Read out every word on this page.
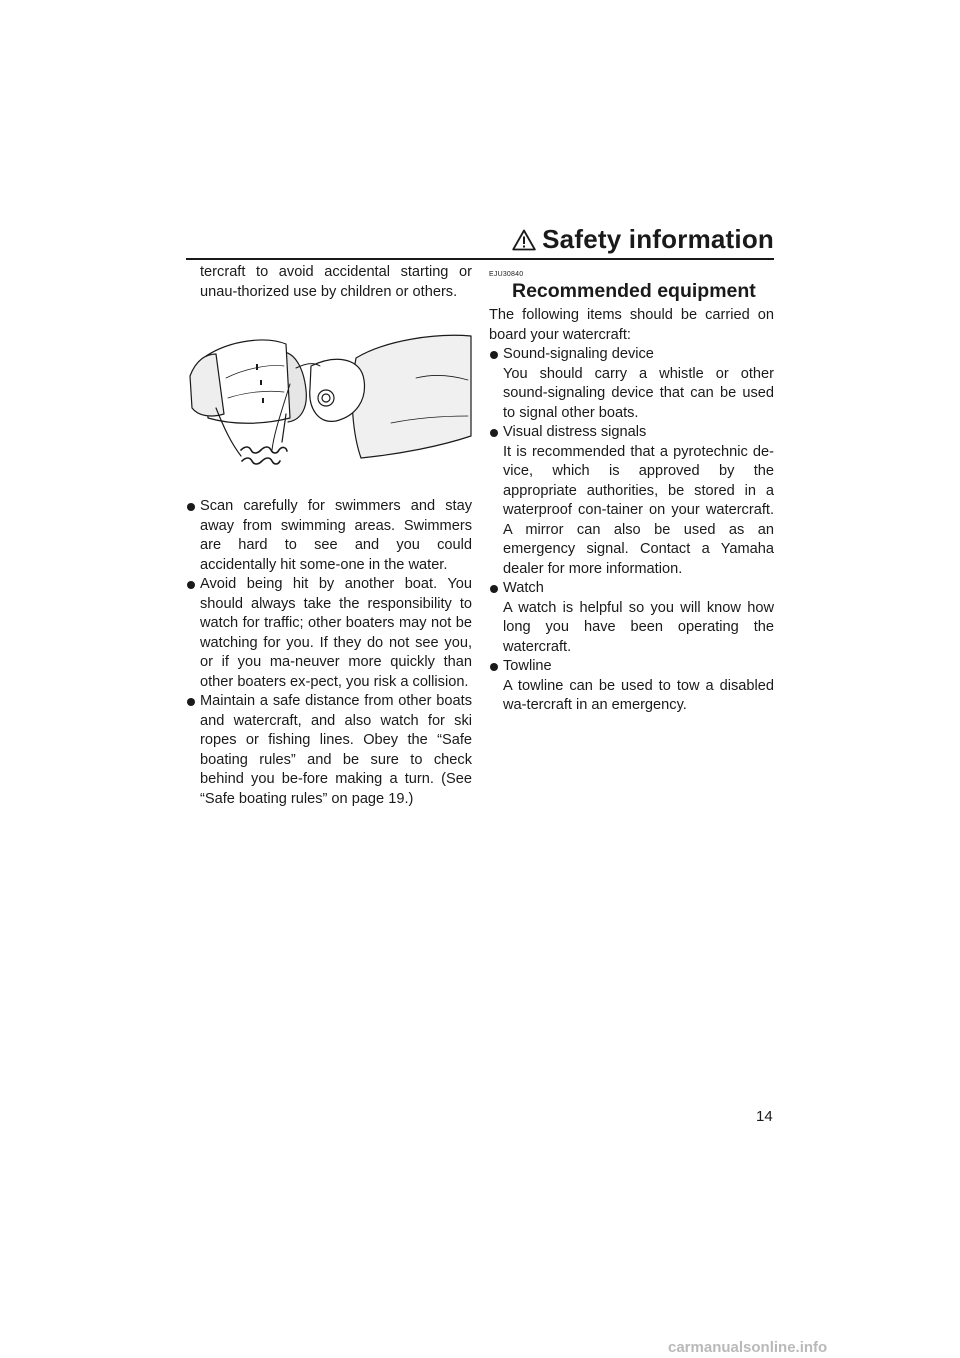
Safety information
tercraft to avoid accidental starting or unau-thorized use by children or others.
Scan carefully for swimmers and stay away from swimming areas. Swimmers are hard to see and you could accidentally hit some-one in the water.
Avoid being hit by another boat. You should always take the responsibility to watch for traffic; other boaters may not be watching for you. If they do not see you, or if you ma-neuver more quickly than other boaters ex-pect, you risk a collision.
Maintain a safe distance from other boats and watercraft, and also watch for ski ropes or fishing lines. Obey the “Safe boating rules” and be sure to check behind you be-fore making a turn. (See “Safe boating rules” on page 19.)
EJU30840
Recommended equipment
The following items should be carried on board your watercraft:
Sound-signaling device
You should carry a whistle or other sound-signaling device that can be used to signal other boats.
Visual distress signals
It is recommended that a pyrotechnic de-vice, which is approved by the appropriate authorities, be stored in a waterproof con-tainer on your watercraft. A mirror can also be used as an emergency signal. Contact a Yamaha dealer for more information.
Watch
A watch is helpful so you will know how long you have been operating the watercraft.
Towline
A towline can be used to tow a disabled wa-tercraft in an emergency.
14
carmanualsonline.info
